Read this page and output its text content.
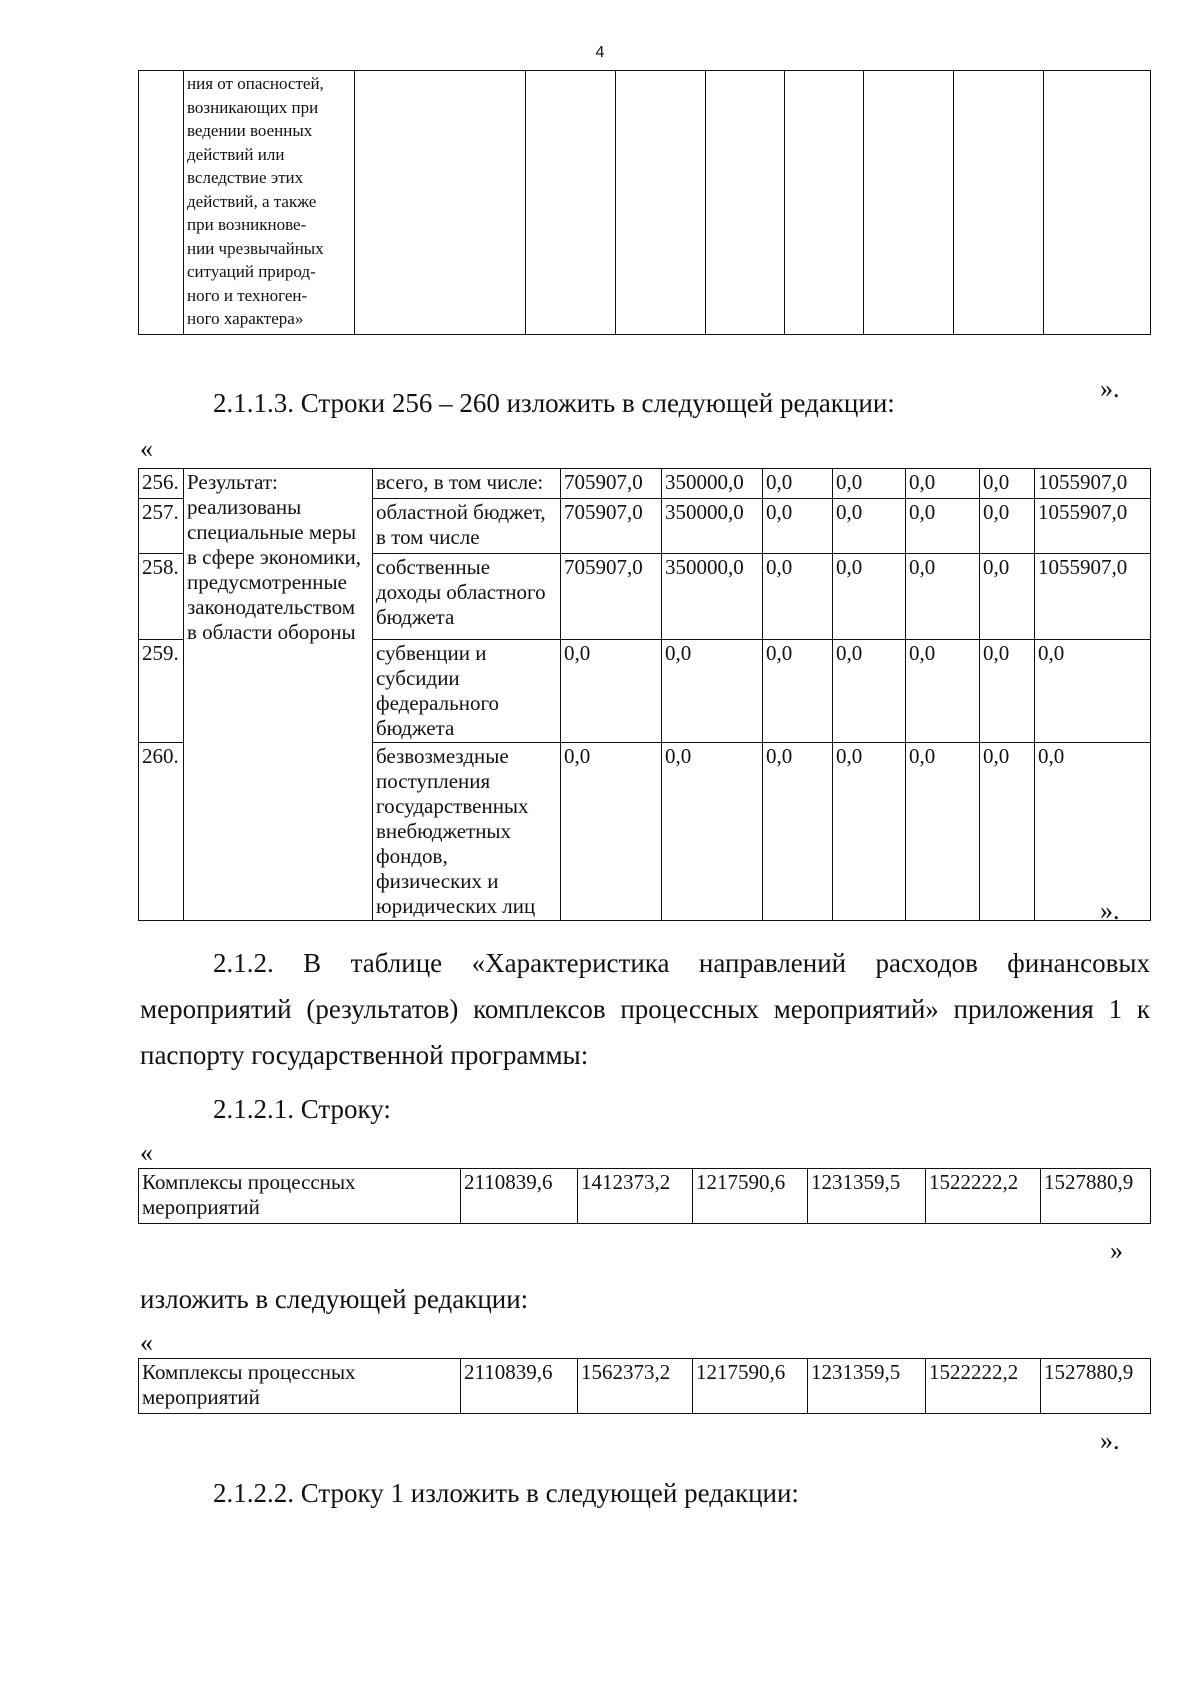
4

ния от опасностей,
возникающих при
ведении военных
действий или
вследствие этих
действий, а также
при возникнове-
нии чрезвычайных
ситуаций природ-
ного и техноген-
ного характера»

».
2.1.1.3. Строки 256 – 260 изложить в следующей редакции:
«
256.	Результат: реализованы специальные меры в сфере экономики, предусмотренные законодательством в области обороны	всего, в том числе:	705907,0	350000,0	0,0	0,0	0,0	0,0	1055907,0
257.		областной бюджет, в том числе	705907,0	350000,0	0,0	0,0	0,0	0,0	1055907,0
258.		собственные доходы областного бюджета	705907,0	350000,0	0,0	0,0	0,0	0,0	1055907,0
259.		субвенции и субсидии федерального бюджета	0,0	0,0	0,0	0,0	0,0	0,0	0,0
260.		безвозмездные поступления государственных внебюджетных фондов, физических и юридических лиц	0,0	0,0	0,0	0,0	0,0	0,0	0,0
».
2.1.2. В таблице «Характеристика направлений расходов финансовых мероприятий (результатов) комплексов процессных мероприятий» приложения 1 к паспорту государственной программы:
2.1.2.1. Строку:
«
Комплексы процессных мероприятий	2110839,6	1412373,2	1217590,6	1231359,5	1522222,2	1527880,9
»
изложить в следующей редакции:
«
Комплексы процессных мероприятий	2110839,6	1562373,2	1217590,6	1231359,5	1522222,2	1527880,9
».
2.1.2.2. Строку 1 изложить в следующей редакции:
